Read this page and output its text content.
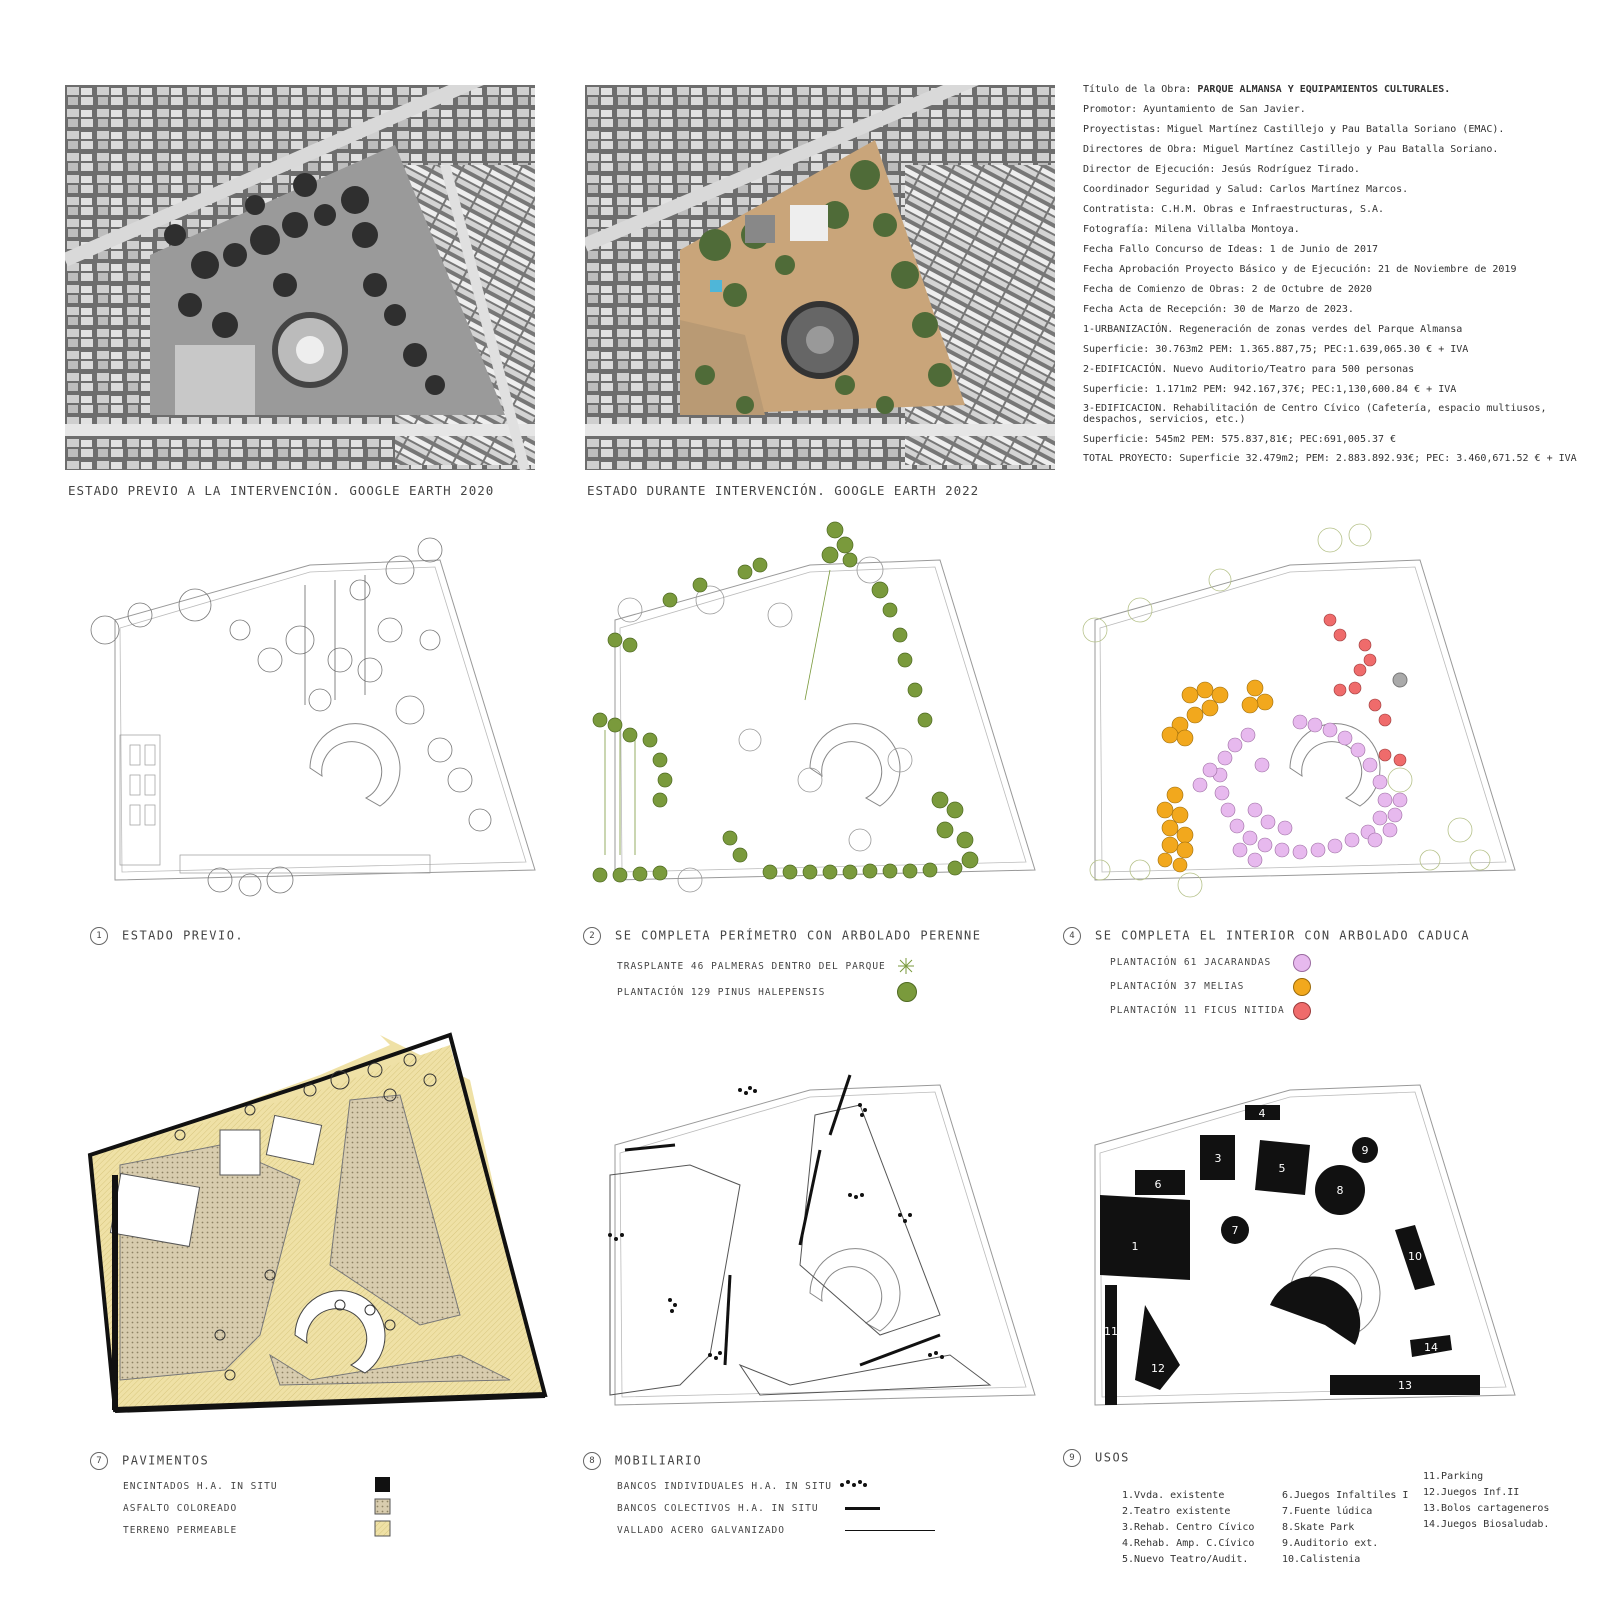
ESTADO PREVIO A LA INTERVENCIÓN. GOOGLE EARTH 2020	ESTADO DURANTE INTERVENCIÓN. GOOGLE EARTH 2022
Título de la Obra: PARQUE ALMANSA Y EQUIPAMIENTOS CULTURALES.
Promotor: Ayuntamiento de San Javier.
Proyectistas: Miguel Martínez Castillejo y Pau Batalla Soriano (EMAC).
Directores de Obra: Miguel Martínez Castillejo y Pau Batalla Soriano.
Director de Ejecución: Jesús Rodríguez Tirado.
Coordinador Seguridad y Salud: Carlos Martínez Marcos.
Contratista: C.H.M. Obras e Infraestructuras, S.A.
Fotografía: Milena Villalba Montoya.
Fecha Fallo Concurso de Ideas: 1 de Junio de 2017
Fecha Aprobación Proyecto Básico y de Ejecución: 21 de Noviembre de 2019
Fecha de Comienzo de Obras: 2 de Octubre de 2020
Fecha Acta de Recepción: 30 de Marzo de 2023.
1-URBANIZACIÓN. Regeneración de zonas verdes del Parque Almansa
Superficie: 30.763m2 PEM: 1.365.887,75; PEC:1.639,065.30 € + IVA
2-EDIFICACIÓN. Nuevo Auditorio/Teatro para 500 personas
Superficie: 1.171m2 PEM: 942.167,37€; PEC:1,130,600.84 € + IVA
3-EDIFICACIÓN. Rehabilitación de Centro Cívico (Cafetería, espacio multiusos, despachos, servicios, etc.)
Superficie: 545m2 PEM: 575.837,81€; PEC:691,005.37 €
TOTAL PROYECTO: Superficie 32.479m2; PEM: 2.883.892.93€; PEC: 3.460,671.52 € + IVA
1 ESTADO PREVIO.	2 SE COMPLETA PERÍMETRO CON ARBOLADO PERENNE
TRASPLANTE 46 PALMERAS DENTRO DEL PARQUE
PLANTACIÓN 129 PINUS HALEPENSIS
4 SE COMPLETA EL INTERIOR CON ARBOLADO CADUCA
PLANTACIÓN 61 JACARANDAS
PLANTACIÓN 37 MELIAS
PLANTACIÓN 11 FICUS NITIDA
7 PAVIMENTOS
ENCINTADOS H.A. IN SITU
ASFALTO COLOREADO
TERRENO PERMEABLE
8 MOBILIARIO
BANCOS INDIVIDUALES H.A. IN SITU
BANCOS COLECTIVOS H.A. IN SITU
VALLADO ACERO GALVANIZADO
1
2
3
4
5
6
7
8
9
10
11
12
13
14
9 USOS
1.Vvda. existente
2.Teatro existente
3.Rehab. Centro Cívico
4.Rehab. Amp. C.Cívico
5.Nuevo Teatro/Audit.
6.Juegos Infaltiles I
7.Fuente lúdica
8.Skate Park
9.Auditorio ext.
10.Calistenia
11.Parking
12.Juegos Inf.II
13.Bolos cartageneros
14.Juegos Biosaludab.
